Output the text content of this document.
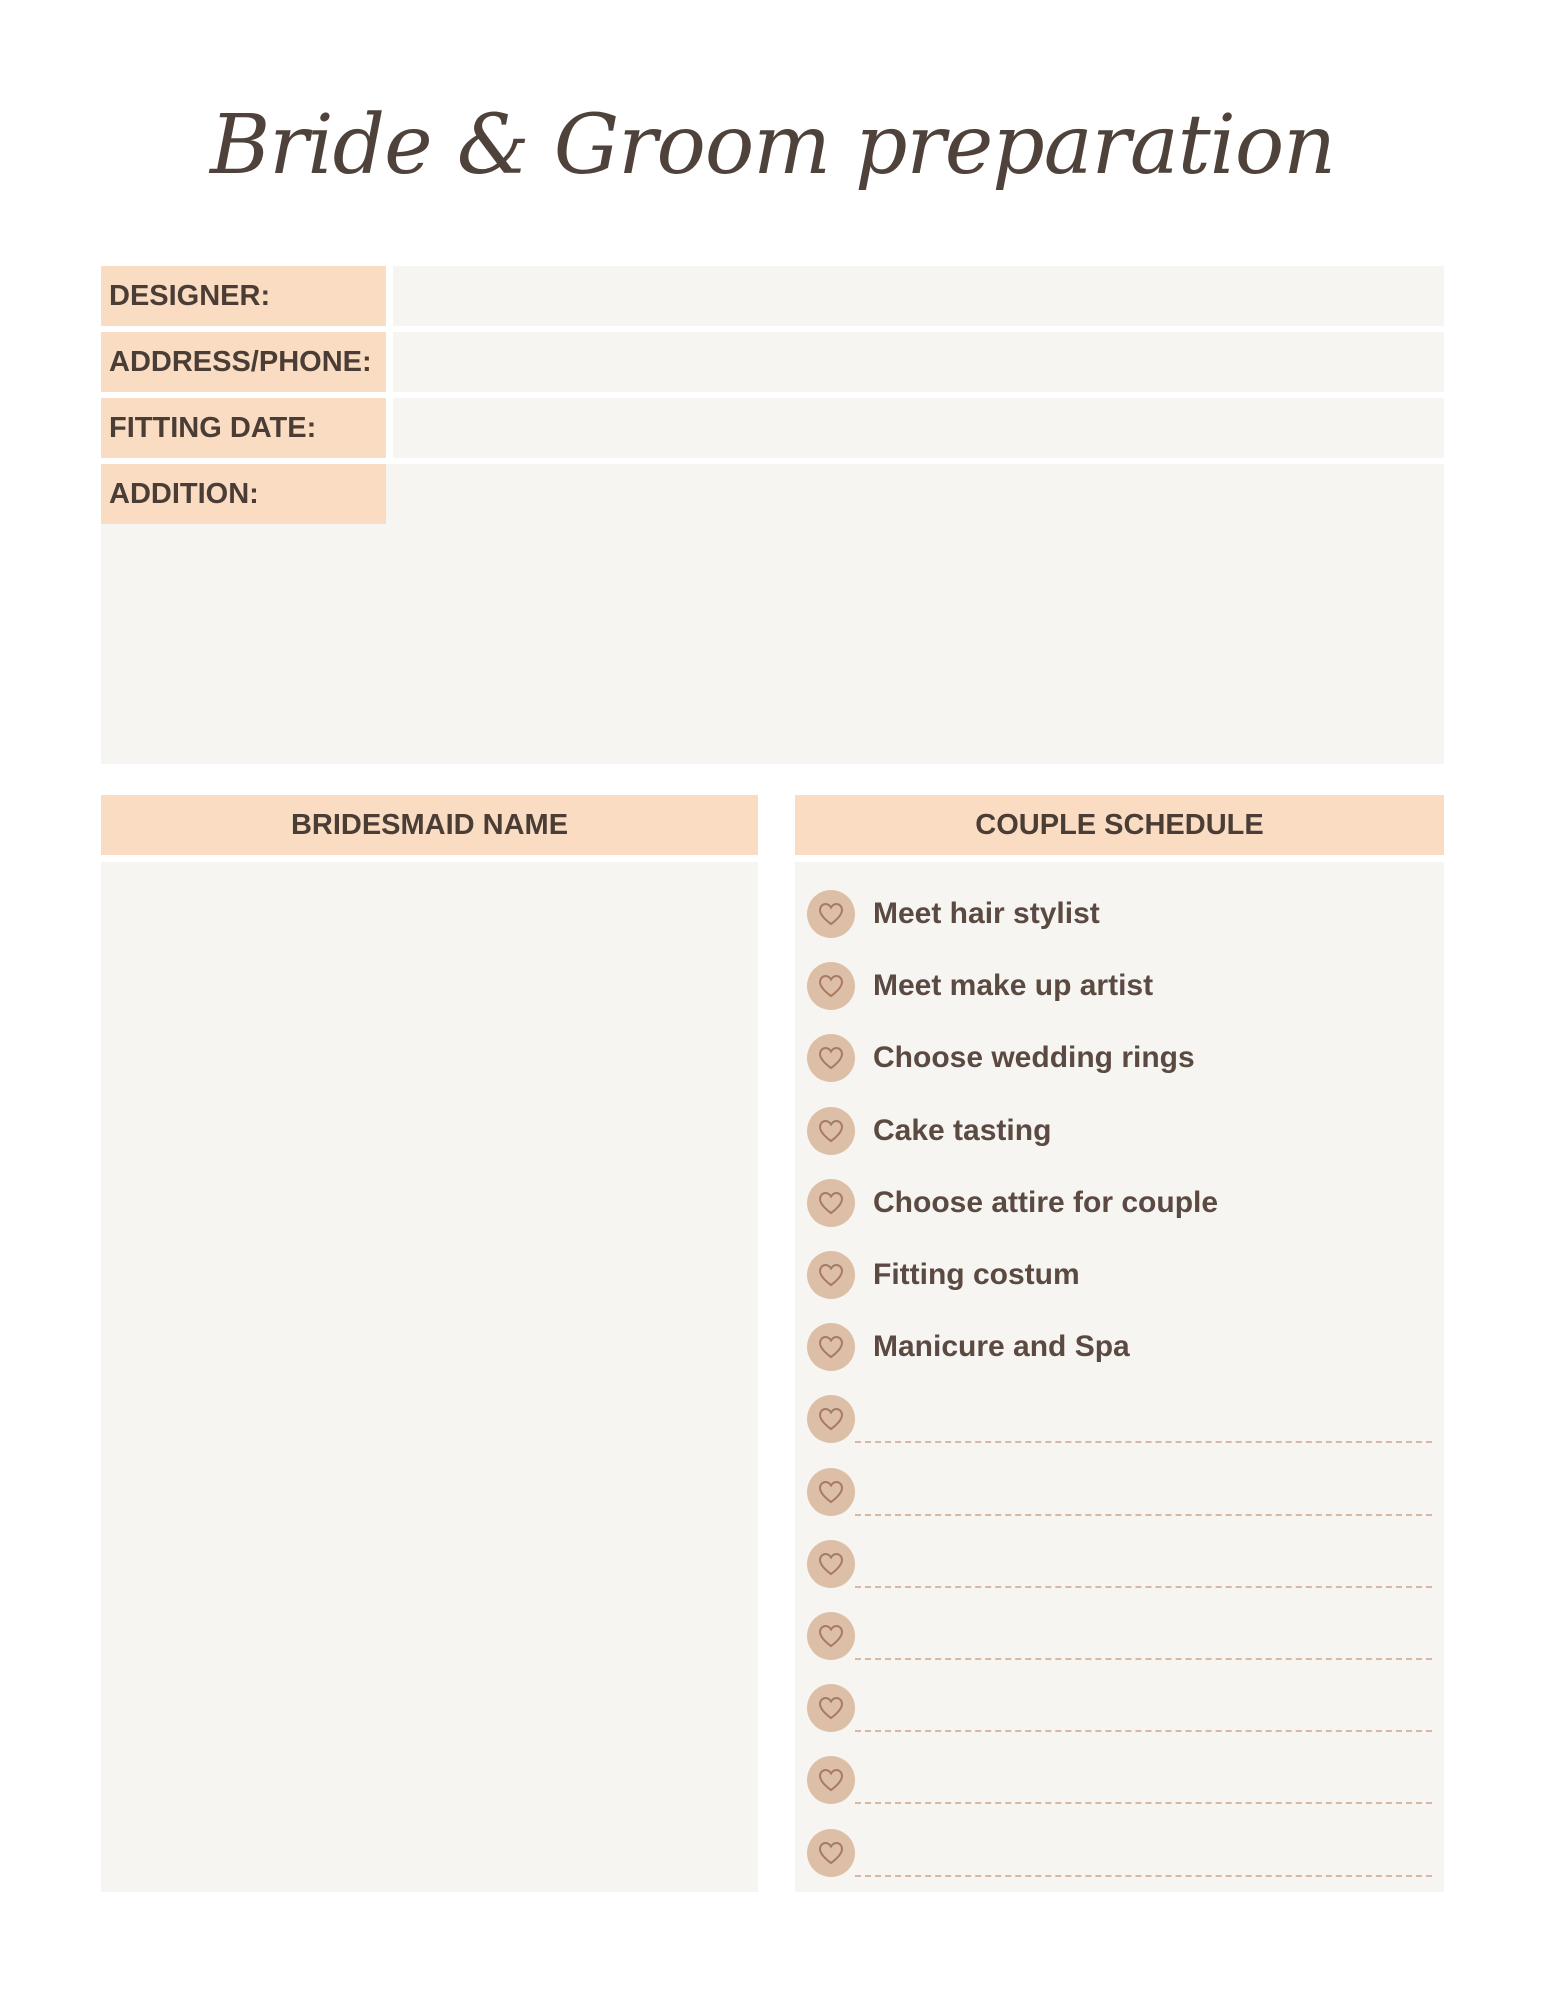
Bride & Groom preparation
DESIGNER:
ADDRESS/PHONE:
FITTING DATE:
ADDITION:
BRIDESMAID NAME	COUPLE SCHEDULE
Meet hair stylist
Meet make up artist
Choose wedding rings
Cake tasting
Choose attire for couple
Fitting costum
Manicure and Spa
